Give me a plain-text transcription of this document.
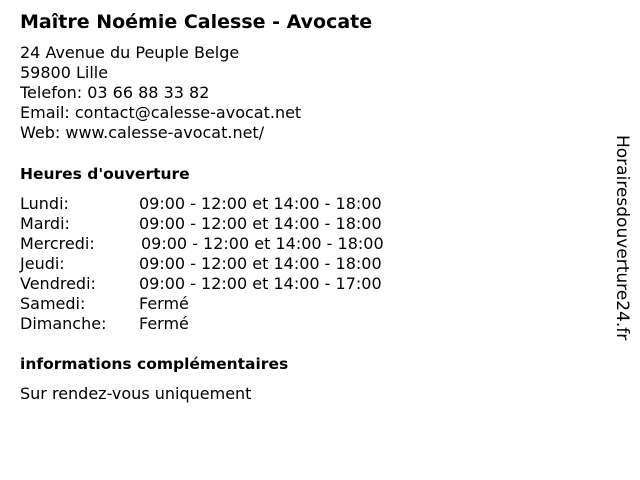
Maître Noémie Calesse - Avocate
24 Avenue du Peuple Belge
59800 Lille
Telefon: 03 66 88 33 82
Email: contact@calesse-avocat.net
Web: www.calesse-avocat.net/
Heures d'ouverture
Lundi:	09:00 - 12:00 et 14:00 - 18:00
Mardi:	09:00 - 12:00 et 14:00 - 18:00
Mercredi:	09:00 - 12:00 et 14:00 - 18:00
Jeudi:	09:00 - 12:00 et 14:00 - 18:00
Vendredi:	09:00 - 12:00 et 14:00 - 17:00
Samedi:	Fermé
Dimanche: Fermé
informations complémentaires
Sur rendez-vous uniquement
Horairesdouverture24.fr
